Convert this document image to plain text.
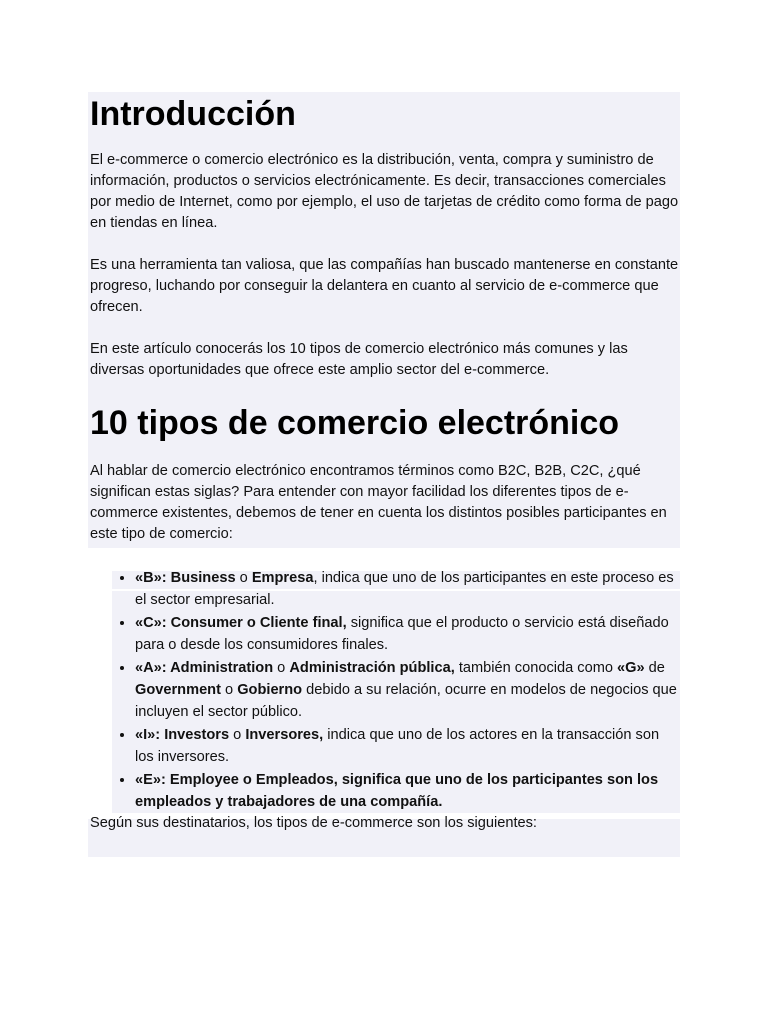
Introducción

El e-commerce o comercio electrónico es la distribución, venta, compra y suministro de información, productos o servicios electrónicamente. Es decir, transacciones comerciales por medio de Internet, como por ejemplo, el uso de tarjetas de crédito como forma de pago en tiendas en línea.

Es una herramienta tan valiosa, que las compañías han buscado mantenerse en constante progreso, luchando por conseguir la delantera en cuanto al servicio de e-commerce que ofrecen.

En este artículo conocerás los 10 tipos de comercio electrónico más comunes y las diversas oportunidades que ofrece este amplio sector del e-commerce.

10 tipos de comercio electrónico

Al hablar de comercio electrónico encontramos términos como B2C, B2B, C2C, ¿qué significan estas siglas? Para entender con mayor facilidad los diferentes tipos de e-commerce existentes, debemos de tener en cuenta los distintos posibles participantes en este tipo de comercio:

• «B»: Business o Empresa, indica que uno de los participantes en este proceso es el sector empresarial.
• «C»: Consumer o Cliente final, significa que el producto o servicio está diseñado para o desde los consumidores finales.
• «A»: Administration o Administración pública, también conocida como «G» de Government o Gobierno debido a su relación, ocurre en modelos de negocios que incluyen el sector público.
• «I»: Investors o Inversores, indica que uno de los actores en la transacción son los inversores.
• «E»: Employee o Empleados, significa que uno de los participantes son los empleados y trabajadores de una compañía.

Según sus destinatarios, los tipos de e-commerce son los siguientes:
